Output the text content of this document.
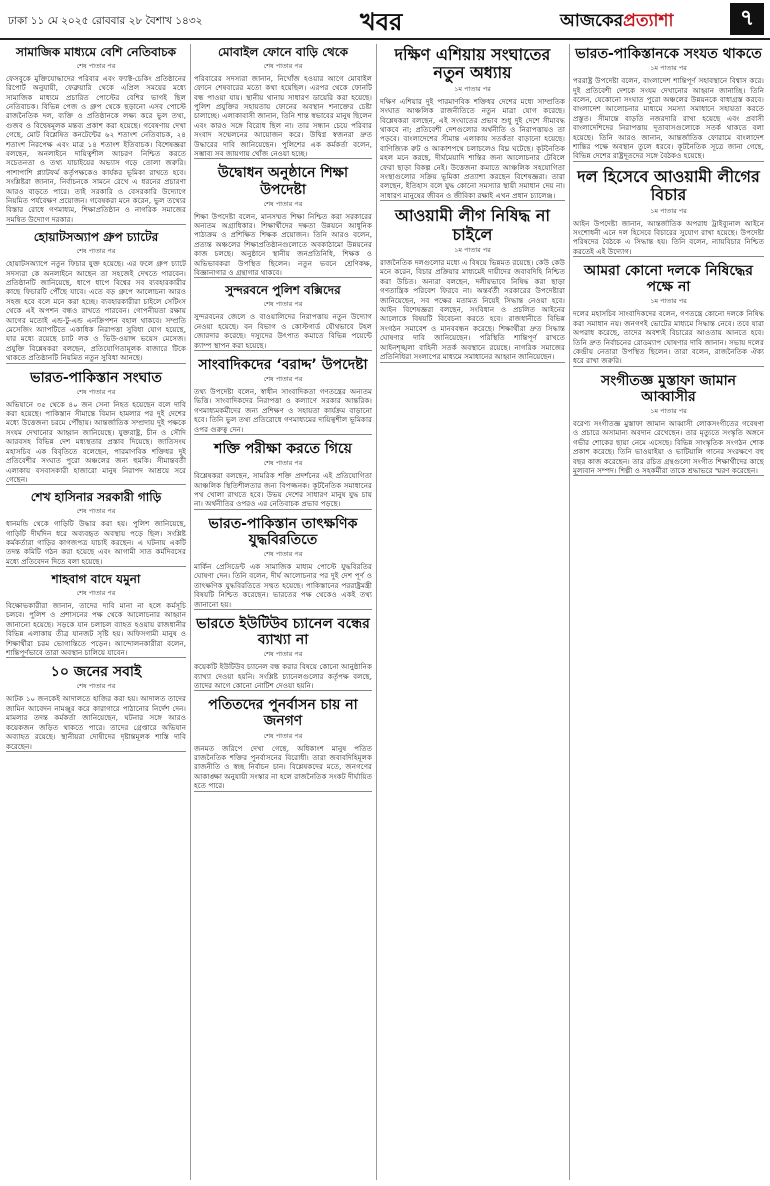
ঢাকা ১১ মে ২০২৫ রোববার ২৮ বৈশাখ ১৪৩২	খবর	আজকেরপ্রত্যাশা	৭
সামাজিক মাধ্যমে বেশি নেতিবাচক
শেষ পাতার পর
ফেসবুকে মুক্তিযোদ্ধাদের পরিবার এবং ফ্যাক্ট-চেকিং প্রতিষ্ঠানের রিপোর্ট অনুযায়ী, ফেব্রুয়ারি থেকে এপ্রিল সময়ের মধ্যে সামাজিক মাধ্যমে প্রচারিত পোস্টের বেশির ভাগই ছিল নেতিবাচক। বিভিন্ন পেজ ও গ্রুপ থেকে ছড়ানো এসব পোস্টে রাজনৈতিক দল, ব্যক্তি ও প্রতিষ্ঠানকে লক্ষ্য করে ভুল তথ্য, গুজব ও বিদ্বেষমূলক মন্তব্য প্রকাশ করা হয়েছে। গবেষণায় দেখা গেছে, মোট বিশ্লেষিত কনটেন্টের ৬২ শতাংশ নেতিবাচক, ২৪ শতাংশ নিরপেক্ষ এবং মাত্র ১৪ শতাংশ ইতিবাচক। বিশেষজ্ঞরা বলছেন, অনলাইনে দায়িত্বশীল আচরণ নিশ্চিত করতে সচেতনতা ও তথ্য যাচাইয়ের অভ্যাস গড়ে তোলা জরুরি। পাশাপাশি প্ল্যাটফর্ম কর্তৃপক্ষকেও কার্যকর ভূমিকা রাখতে হবে। সংশ্লিষ্টরা জানান, নির্বাচনকে সামনে রেখে এ ধরনের প্রচারণা আরও বাড়তে পারে। তাই সরকারি ও বেসরকারি উদ্যোগে নিয়মিত পর্যবেক্ষণ প্রয়োজন। গবেষকরা মনে করেন, ভুল তথ্যের বিস্তার রোধে গণমাধ্যম, শিক্ষাপ্রতিষ্ঠান ও নাগরিক সমাজের সমন্বিত উদ্যোগ দরকার।
হোয়াটসঅ্যাপ গ্রুপ চ্যাটের
শেষ পাতার পর
হোয়াটসঅ্যাপে নতুন ফিচার যুক্ত হয়েছে। এর ফলে গ্রুপ চ্যাটে সদস্যরা কে অনলাইনে আছেন তা সহজেই দেখতে পারবেন। প্রতিষ্ঠানটি জানিয়েছে, ধাপে ধাপে বিশ্বের সব ব্যবহারকারীর কাছে ফিচারটি পৌঁছে যাবে। এতে বড় গ্রুপে আলোচনা আরও সহজ হবে বলে মনে করা হচ্ছে। ব্যবহারকারীরা চাইলে সেটিংস থেকে এই অপশন বন্ধও রাখতে পারবেন। গোপনীয়তা রক্ষায় আগের মতোই এন্ড-টু-এন্ড এনক্রিপশন বহাল থাকবে। সম্প্রতি মেসেজিং অ্যাপটিতে একাধিক নিরাপত্তা সুবিধা যোগ হয়েছে, যার মধ্যে রয়েছে চ্যাট লক ও ভিউ-ওয়ান্স ভয়েস মেসেজ। প্রযুক্তি বিশ্লেষকরা বলছেন, প্রতিযোগিতামূলক বাজারে টিকে থাকতে প্রতিষ্ঠানটি নিয়মিত নতুন সুবিধা আনছে।
ভারত-পাকিস্তান সংঘাত
শেষ পাতার পর
অভিযানে ৩৫ থেকে ৪০ জন সেনা নিহত হয়েছেন বলে দাবি করা হয়েছে। পাকিস্তান সীমান্তে বিমান হামলার পর দুই দেশের মধ্যে উত্তেজনা চরমে পৌঁছায়। আন্তর্জাতিক সম্প্রদায় দুই পক্ষকে সংযম দেখানোর আহ্বান জানিয়েছে। যুক্তরাষ্ট্র, চীন ও সৌদি আরবসহ বিভিন্ন দেশ মধ্যস্থতার প্রস্তাব দিয়েছে। জাতিসংঘ মহাসচিব এক বিবৃতিতে বলেছেন, পারমাণবিক শক্তিধর দুই প্রতিবেশীর সংঘাত পুরো অঞ্চলের জন্য হুমকি। সীমান্তবর্তী এলাকায় বসবাসকারী হাজারো মানুষ নিরাপদ আশ্রয়ে সরে গেছেন।
শেখ হাসিনার সরকারী গাড়ি
শেষ পাতার পর
ধানমন্ডি থেকে গাড়িটি উদ্ধার করা হয়। পুলিশ জানিয়েছে, গাড়িটি দীর্ঘদিন ধরে অব্যবহৃত অবস্থায় পড়ে ছিল। সংশ্লিষ্ট কর্মকর্তারা গাড়ির কাগজপত্র যাচাই করছেন। এ ঘটনায় একটি তদন্ত কমিটি গঠন করা হয়েছে এবং আগামী সাত কর্মদিবসের মধ্যে প্রতিবেদন দিতে বলা হয়েছে।
শাহবাগ বাদে যমুনা
শেষ পাতার পর
বিক্ষোভকারীরা জানান, তাদের দাবি মানা না হলে কর্মসূচি চলবে। পুলিশ ও প্রশাসনের পক্ষ থেকে আলোচনার আহ্বান জানানো হয়েছে। সড়কে যান চলাচল ব্যাহত হওয়ায় রাজধানীর বিভিন্ন এলাকায় তীব্র যানজট সৃষ্টি হয়। অফিসগামী মানুষ ও শিক্ষার্থীরা চরম ভোগান্তিতে পড়েন। আন্দোলনকারীরা বলেন, শান্তিপূর্ণভাবে তারা অবস্থান চালিয়ে যাবেন।
১০ জনের সবাই
শেষ পাতার পর
আটক ১০ জনকেই আদালতে হাজির করা হয়। আদালত তাদের জামিন আবেদন নামঞ্জুর করে কারাগারে পাঠানোর নির্দেশ দেন। মামলার তদন্ত কর্মকর্তা জানিয়েছেন, ঘটনার সঙ্গে আরও কয়েকজন জড়িত থাকতে পারে। তাদের গ্রেপ্তারে অভিযান অব্যাহত রয়েছে। স্থানীয়রা দোষীদের দৃষ্টান্তমূলক শাস্তি দাবি করেছেন।
মোবাইল ফোনে বাড়ি থেকে
শেষ পাতার পর
পরিবারের সদস্যরা জানান, নিখোঁজ হওয়ার আগে মোবাইল ফোনে শেষবারের মতো কথা হয়েছিল। এরপর থেকে ফোনটি বন্ধ পাওয়া যায়। স্থানীয় থানায় সাধারণ ডায়েরি করা হয়েছে। পুলিশ প্রযুক্তির সহায়তায় ফোনের অবস্থান শনাক্তের চেষ্টা চালাচ্ছে। এলাকাবাসী জানান, তিনি শান্ত স্বভাবের মানুষ ছিলেন এবং কারও সঙ্গে বিরোধ ছিল না। তার সন্ধান চেয়ে পরিবার সংবাদ সম্মেলনের আয়োজন করে। উদ্বিগ্ন স্বজনরা দ্রুত উদ্ধারের দাবি জানিয়েছেন। পুলিশের এক কর্মকর্তা বলেন, সম্ভাব্য সব জায়গায় খোঁজ নেওয়া হচ্ছে।
উদ্বোধন অনুষ্ঠানে শিক্ষা উপদেষ্টা
শেষ পাতার পর
শিক্ষা উপদেষ্টা বলেন, মানসম্মত শিক্ষা নিশ্চিত করা সরকারের অন্যতম অগ্রাধিকার। শিক্ষার্থীদের দক্ষতা উন্নয়নে আধুনিক পাঠ্যক্রম ও প্রশিক্ষিত শিক্ষক প্রয়োজন। তিনি আরও বলেন, প্রত্যন্ত অঞ্চলের শিক্ষাপ্রতিষ্ঠানগুলোতে অবকাঠামো উন্নয়নের কাজ চলছে। অনুষ্ঠানে স্থানীয় জনপ্রতিনিধি, শিক্ষক ও অভিভাবকরা উপস্থিত ছিলেন। নতুন ভবনে শ্রেণিকক্ষ, বিজ্ঞানাগার ও গ্রন্থাগার থাকবে।
সুন্দরবনে পুলিশ বক্সিদের
শেষ পাতার পর
সুন্দরবনের জেলে ও বাওয়ালিদের নিরাপত্তায় নতুন উদ্যোগ নেওয়া হয়েছে। বন বিভাগ ও কোস্টগার্ড যৌথভাবে টহল জোরদার করেছে। দস্যুদের উৎপাত কমাতে বিভিন্ন পয়েন্টে ক্যাম্প স্থাপন করা হয়েছে।
সাংবাদিকদের ‘বরাদ্দ’ উপদেষ্টা
শেষ পাতার পর
তথ্য উপদেষ্টা বলেন, স্বাধীন সাংবাদিকতা গণতন্ত্রের অন্যতম ভিত্তি। সাংবাদিকদের নিরাপত্তা ও কল্যাণে সরকার আন্তরিক। গণমাধ্যমকর্মীদের জন্য প্রশিক্ষণ ও সহায়তা কার্যক্রম বাড়ানো হবে। তিনি ভুল তথ্য প্রতিরোধে গণমাধ্যমের দায়িত্বশীল ভূমিকার ওপর গুরুত্ব দেন।
শক্তি পরীক্ষা করতে গিয়ে
শেষ পাতার পর
বিশ্লেষকরা বলছেন, সামরিক শক্তি প্রদর্শনের এই প্রতিযোগিতা আঞ্চলিক স্থিতিশীলতার জন্য বিপজ্জনক। কূটনৈতিক সমাধানের পথ খোলা রাখতে হবে। উভয় দেশের সাধারণ মানুষ যুদ্ধ চায় না। অর্থনীতির ওপরও এর নেতিবাচক প্রভাব পড়ছে।
ভারত-পাকিস্তান তাৎক্ষণিক যুদ্ধবিরতিতে
শেষ পাতার পর
মার্কিন প্রেসিডেন্ট এক সামাজিক মাধ্যম পোস্টে যুদ্ধবিরতির ঘোষণা দেন। তিনি বলেন, দীর্ঘ আলোচনার পর দুই দেশ পূর্ণ ও তাৎক্ষণিক যুদ্ধবিরতিতে সম্মত হয়েছে। পাকিস্তানের পররাষ্ট্রমন্ত্রী বিষয়টি নিশ্চিত করেছেন। ভারতের পক্ষ থেকেও একই তথ্য জানানো হয়।
ভারতে ইউটিউব চ্যানেল বন্ধের ব্যাখ্যা না
শেষ পাতার পর
কয়েকটি ইউটিউব চ্যানেল বন্ধ করার বিষয়ে কোনো আনুষ্ঠানিক ব্যাখ্যা দেওয়া হয়নি। সংশ্লিষ্ট চ্যানেলগুলোর কর্তৃপক্ষ বলছে, তাদের আগে কোনো নোটিশ দেওয়া হয়নি।
পতিতদের পুনর্বাসন চায় না জনগণ
শেষ পাতার পর
জনমত জরিপে দেখা গেছে, অধিকাংশ মানুষ পতিত রাজনৈতিক শক্তির পুনর্বাসনের বিরোধী। তারা জবাবদিহিমূলক রাজনীতি ও স্বচ্ছ নির্বাচন চান। বিশ্লেষকদের মতে, জনগণের আকাঙ্ক্ষা অনুযায়ী সংস্কার না হলে রাজনৈতিক সংকট দীর্ঘায়িত হতে পারে।
দক্ষিণ এশিয়ায় সংঘাতের নতুন অধ্যায়
১ম পাতার পর
দক্ষিণ এশিয়ার দুই পারমাণবিক শক্তিধর দেশের মধ্যে সাম্প্রতিক সংঘাত আঞ্চলিক রাজনীতিতে নতুন মাত্রা যোগ করেছে। বিশ্লেষকরা বলছেন, এই সংঘাতের প্রভাব শুধু দুই দেশে সীমাবদ্ধ থাকবে না; প্রতিবেশী দেশগুলোর অর্থনীতি ও নিরাপত্তায়ও তা পড়বে। বাংলাদেশের সীমান্ত এলাকায় সতর্কতা বাড়ানো হয়েছে। বাণিজ্যিক রুট ও আকাশপথে চলাচলেও বিঘ্ন ঘটেছে। কূটনৈতিক মহল মনে করছে, দীর্ঘমেয়াদি শান্তির জন্য আলোচনার টেবিলে ফেরা ছাড়া বিকল্প নেই। উত্তেজনা কমাতে আঞ্চলিক সহযোগিতা সংস্থাগুলোর সক্রিয় ভূমিকা প্রত্যাশা করছেন বিশেষজ্ঞরা। তারা বলছেন, ইতিহাস বলে যুদ্ধ কোনো সমস্যার স্থায়ী সমাধান দেয় না। সাধারণ মানুষের জীবন ও জীবিকা রক্ষাই এখন প্রধান চ্যালেঞ্জ।
আওয়ামী লীগ নিষিদ্ধ না চাইলে
১ম পাতার পর
রাজনৈতিক দলগুলোর মধ্যে এ বিষয়ে ভিন্নমত রয়েছে। কেউ কেউ মনে করেন, বিচার প্রক্রিয়ার মাধ্যমেই দায়ীদের জবাবদিহি নিশ্চিত করা উচিত। অন্যরা বলছেন, দলীয়ভাবে নিষিদ্ধ করা ছাড়া গণতান্ত্রিক পরিবেশ ফিরবে না। অন্তর্বর্তী সরকারের উপদেষ্টারা জানিয়েছেন, সব পক্ষের মতামত নিয়েই সিদ্ধান্ত নেওয়া হবে। আইন বিশেষজ্ঞরা বলছেন, সংবিধান ও প্রচলিত আইনের আলোকে বিষয়টি বিবেচনা করতে হবে। রাজধানীতে বিভিন্ন সংগঠন সমাবেশ ও মানববন্ধন করেছে। শিক্ষার্থীরা দ্রুত সিদ্ধান্ত ঘোষণার দাবি জানিয়েছেন। পরিস্থিতি শান্তিপূর্ণ রাখতে আইনশৃঙ্খলা বাহিনী সতর্ক অবস্থানে রয়েছে। নাগরিক সমাজের প্রতিনিধিরা সংলাপের মাধ্যমে সমাধানের আহ্বান জানিয়েছেন।
ভারত-পাকিস্তানকে সংযত থাকতে
১ম পাতার পর
পররাষ্ট্র উপদেষ্টা বলেন, বাংলাদেশ শান্তিপূর্ণ সহাবস্থানে বিশ্বাস করে। দুই প্রতিবেশী দেশকে সংযম দেখানোর আহ্বান জানাচ্ছি। তিনি বলেন, যেকোনো সংঘাত পুরো অঞ্চলের উন্নয়নকে বাধাগ্রস্ত করবে। বাংলাদেশ আলোচনার মাধ্যমে সমস্যা সমাধানে সহায়তা করতে প্রস্তুত। সীমান্তে বাড়তি নজরদারি রাখা হয়েছে এবং প্রবাসী বাংলাদেশিদের নিরাপত্তায় দূতাবাসগুলোকে সতর্ক থাকতে বলা হয়েছে। তিনি আরও জানান, আন্তর্জাতিক ফোরামে বাংলাদেশ শান্তির পক্ষে অবস্থান তুলে ধরবে। কূটনৈতিক সূত্রে জানা গেছে, বিভিন্ন দেশের রাষ্ট্রদূতদের সঙ্গে বৈঠকও হয়েছে।
দল হিসেবে আওয়ামী লীগের বিচার
১ম পাতার পর
আইন উপদেষ্টা জানান, আন্তর্জাতিক অপরাধ ট্রাইব্যুনাল আইনে সংশোধনী এনে দল হিসেবে বিচারের সুযোগ রাখা হয়েছে। উপদেষ্টা পরিষদের বৈঠকে এ সিদ্ধান্ত হয়। তিনি বলেন, ন্যায়বিচার নিশ্চিত করতেই এই উদ্যোগ।
আমরা কোনো দলকে নিষিদ্ধের পক্ষে না
১ম পাতার পর
দলের মহাসচিব সাংবাদিকদের বলেন, গণতন্ত্রে কোনো দলকে নিষিদ্ধ করা সমাধান নয়। জনগণই ভোটের মাধ্যমে সিদ্ধান্ত নেবে। তবে যারা অপরাধ করেছে, তাদের অবশ্যই বিচারের আওতায় আনতে হবে। তিনি দ্রুত নির্বাচনের রোডম্যাপ ঘোষণার দাবি জানান। সভায় দলের কেন্দ্রীয় নেতারা উপস্থিত ছিলেন। তারা বলেন, রাজনৈতিক ঐক্য ধরে রাখা জরুরি।
সংগীতজ্ঞ মুস্তাফা জামান আব্বাসীর
১ম পাতার পর
বরেণ্য সংগীতজ্ঞ মুস্তাফা জামান আব্বাসী লোকসংগীতের গবেষণা ও প্রচারে অসামান্য অবদান রেখেছেন। তার মৃত্যুতে সংস্কৃতি অঙ্গনে গভীর শোকের ছায়া নেমে এসেছে। বিভিন্ন সাংস্কৃতিক সংগঠন শোক প্রকাশ করেছে। তিনি ভাওয়াইয়া ও ভাটিয়ালি গানের সংরক্ষণে বহু বছর কাজ করেছেন। তার রচিত গ্রন্থগুলো সংগীত শিক্ষার্থীদের কাছে মূল্যবান সম্পদ। শিল্পী ও সহকর্মীরা তাকে শ্রদ্ধাভরে স্মরণ করেছেন।
